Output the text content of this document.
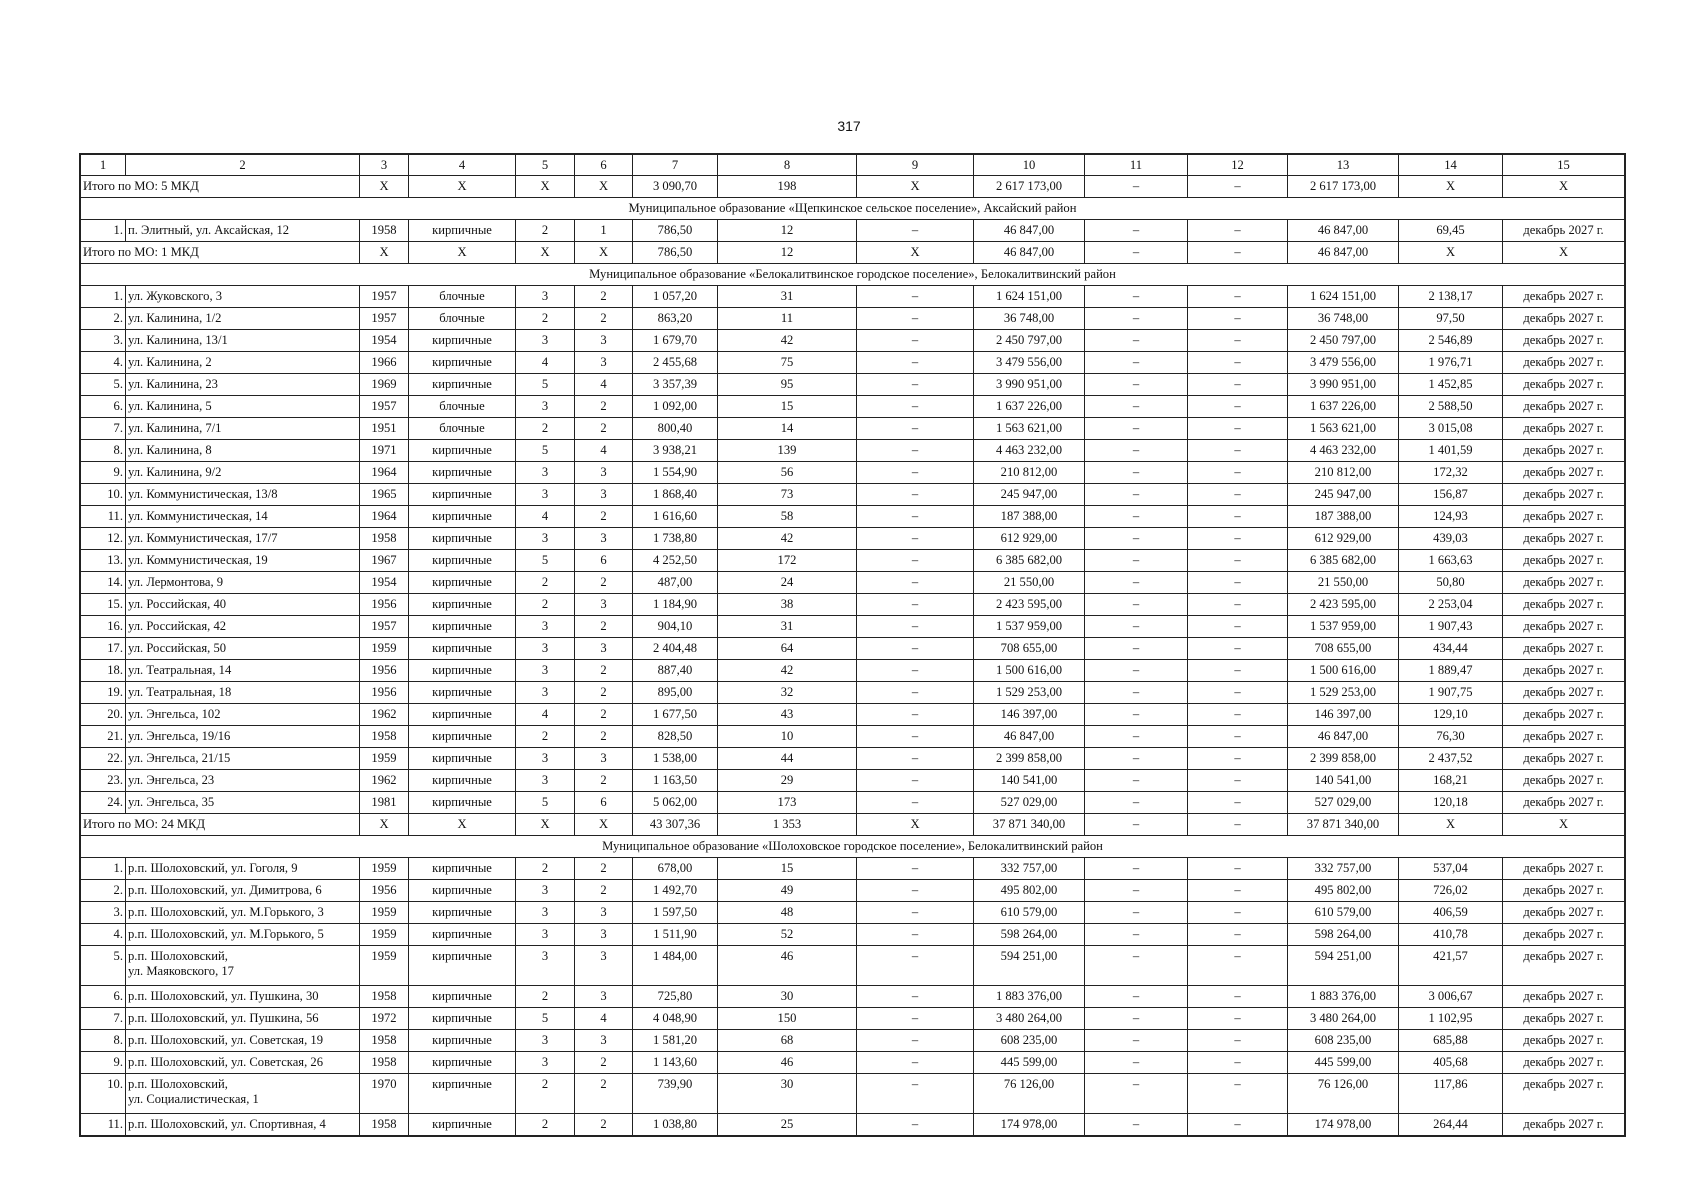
317
1	2	3	4	5	6	7	8	9	10	11	12	13	14	15
Итого по МО: 5 МКД		Х	Х	Х	Х	3 090,70	198	Х	2 617 173,00	–	–	2 617 173,00	Х	Х
Муниципальное образование «Щепкинское сельское поселение», Аксайский район														
1.	п. Элитный, ул. Аксайская, 12	1958	кирпичные	2	1	786,50	12	–	46 847,00	–	–	46 847,00	69,45	декабрь 2027 г.
Итого по МО: 1 МКД		Х	Х	Х	Х	786,50	12	Х	46 847,00	–	–	46 847,00	Х	Х
Муниципальное образование «Белокалитвинское городское поселение», Белокалитвинский район														
1.	ул. Жуковского, 3	1957	блочные	3	2	1 057,20	31	–	1 624 151,00	–	–	1 624 151,00	2 138,17	декабрь 2027 г.
2.	ул. Калинина, 1/2	1957	блочные	2	2	863,20	11	–	36 748,00	–	–	36 748,00	97,50	декабрь 2027 г.
3.	ул. Калинина, 13/1	1954	кирпичные	3	3	1 679,70	42	–	2 450 797,00	–	–	2 450 797,00	2 546,89	декабрь 2027 г.
4.	ул. Калинина, 2	1966	кирпичные	4	3	2 455,68	75	–	3 479 556,00	–	–	3 479 556,00	1 976,71	декабрь 2027 г.
5.	ул. Калинина, 23	1969	кирпичные	5	4	3 357,39	95	–	3 990 951,00	–	–	3 990 951,00	1 452,85	декабрь 2027 г.
6.	ул. Калинина, 5	1957	блочные	3	2	1 092,00	15	–	1 637 226,00	–	–	1 637 226,00	2 588,50	декабрь 2027 г.
7.	ул. Калинина, 7/1	1951	блочные	2	2	800,40	14	–	1 563 621,00	–	–	1 563 621,00	3 015,08	декабрь 2027 г.
8.	ул. Калинина, 8	1971	кирпичные	5	4	3 938,21	139	–	4 463 232,00	–	–	4 463 232,00	1 401,59	декабрь 2027 г.
9.	ул. Калинина, 9/2	1964	кирпичные	3	3	1 554,90	56	–	210 812,00	–	–	210 812,00	172,32	декабрь 2027 г.
10.	ул. Коммунистическая, 13/8	1965	кирпичные	3	3	1 868,40	73	–	245 947,00	–	–	245 947,00	156,87	декабрь 2027 г.
11.	ул. Коммунистическая, 14	1964	кирпичные	4	2	1 616,60	58	–	187 388,00	–	–	187 388,00	124,93	декабрь 2027 г.
12.	ул. Коммунистическая, 17/7	1958	кирпичные	3	3	1 738,80	42	–	612 929,00	–	–	612 929,00	439,03	декабрь 2027 г.
13.	ул. Коммунистическая, 19	1967	кирпичные	5	6	4 252,50	172	–	6 385 682,00	–	–	6 385 682,00	1 663,63	декабрь 2027 г.
14.	ул. Лермонтова, 9	1954	кирпичные	2	2	487,00	24	–	21 550,00	–	–	21 550,00	50,80	декабрь 2027 г.
15.	ул. Российская, 40	1956	кирпичные	2	3	1 184,90	38	–	2 423 595,00	–	–	2 423 595,00	2 253,04	декабрь 2027 г.
16.	ул. Российская, 42	1957	кирпичные	3	2	904,10	31	–	1 537 959,00	–	–	1 537 959,00	1 907,43	декабрь 2027 г.
17.	ул. Российская, 50	1959	кирпичные	3	3	2 404,48	64	–	708 655,00	–	–	708 655,00	434,44	декабрь 2027 г.
18.	ул. Театральная, 14	1956	кирпичные	3	2	887,40	42	–	1 500 616,00	–	–	1 500 616,00	1 889,47	декабрь 2027 г.
19.	ул. Театральная, 18	1956	кирпичные	3	2	895,00	32	–	1 529 253,00	–	–	1 529 253,00	1 907,75	декабрь 2027 г.
20.	ул. Энгельса, 102	1962	кирпичные	4	2	1 677,50	43	–	146 397,00	–	–	146 397,00	129,10	декабрь 2027 г.
21.	ул. Энгельса, 19/16	1958	кирпичные	2	2	828,50	10	–	46 847,00	–	–	46 847,00	76,30	декабрь 2027 г.
22.	ул. Энгельса, 21/15	1959	кирпичные	3	3	1 538,00	44	–	2 399 858,00	–	–	2 399 858,00	2 437,52	декабрь 2027 г.
23.	ул. Энгельса, 23	1962	кирпичные	3	2	1 163,50	29	–	140 541,00	–	–	140 541,00	168,21	декабрь 2027 г.
24.	ул. Энгельса, 35	1981	кирпичные	5	6	5 062,00	173	–	527 029,00	–	–	527 029,00	120,18	декабрь 2027 г.
Итого по МО: 24 МКД		Х	Х	Х	Х	43 307,36	1 353	Х	37 871 340,00	–	–	37 871 340,00	Х	Х
Муниципальное образование «Шолоховское городское поселение», Белокалитвинский район														
1.	р.п. Шолоховский, ул. Гоголя, 9	1959	кирпичные	2	2	678,00	15	–	332 757,00	–	–	332 757,00	537,04	декабрь 2027 г.
2.	р.п. Шолоховский, ул. Димитрова, 6	1956	кирпичные	3	2	1 492,70	49	–	495 802,00	–	–	495 802,00	726,02	декабрь 2027 г.
3.	р.п. Шолоховский, ул. М.Горького, 3	1959	кирпичные	3	3	1 597,50	48	–	610 579,00	–	–	610 579,00	406,59	декабрь 2027 г.
4.	р.п. Шолоховский, ул. М.Горького, 5	1959	кирпичные	3	3	1 511,90	52	–	598 264,00	–	–	598 264,00	410,78	декабрь 2027 г.
5.	р.п. Шолоховский,
ул. Маяковского, 17	1959	кирпичные	3	3	1 484,00	46	–	594 251,00	–	–	594 251,00	421,57	декабрь 2027 г.
6.	р.п. Шолоховский, ул. Пушкина, 30	1958	кирпичные	2	3	725,80	30	–	1 883 376,00	–	–	1 883 376,00	3 006,67	декабрь 2027 г.
7.	р.п. Шолоховский, ул. Пушкина, 56	1972	кирпичные	5	4	4 048,90	150	–	3 480 264,00	–	–	3 480 264,00	1 102,95	декабрь 2027 г.
8.	р.п. Шолоховский, ул. Советская, 19	1958	кирпичные	3	3	1 581,20	68	–	608 235,00	–	–	608 235,00	685,88	декабрь 2027 г.
9.	р.п. Шолоховский, ул. Советская, 26	1958	кирпичные	3	2	1 143,60	46	–	445 599,00	–	–	445 599,00	405,68	декабрь 2027 г.
10.	р.п. Шолоховский,
ул. Социалистическая, 1	1970	кирпичные	2	2	739,90	30	–	76 126,00	–	–	76 126,00	117,86	декабрь 2027 г.
11.	р.п. Шолоховский, ул. Спортивная, 4	1958	кирпичные	2	2	1 038,80	25	–	174 978,00	–	–	174 978,00	264,44	декабрь 2027 г.
